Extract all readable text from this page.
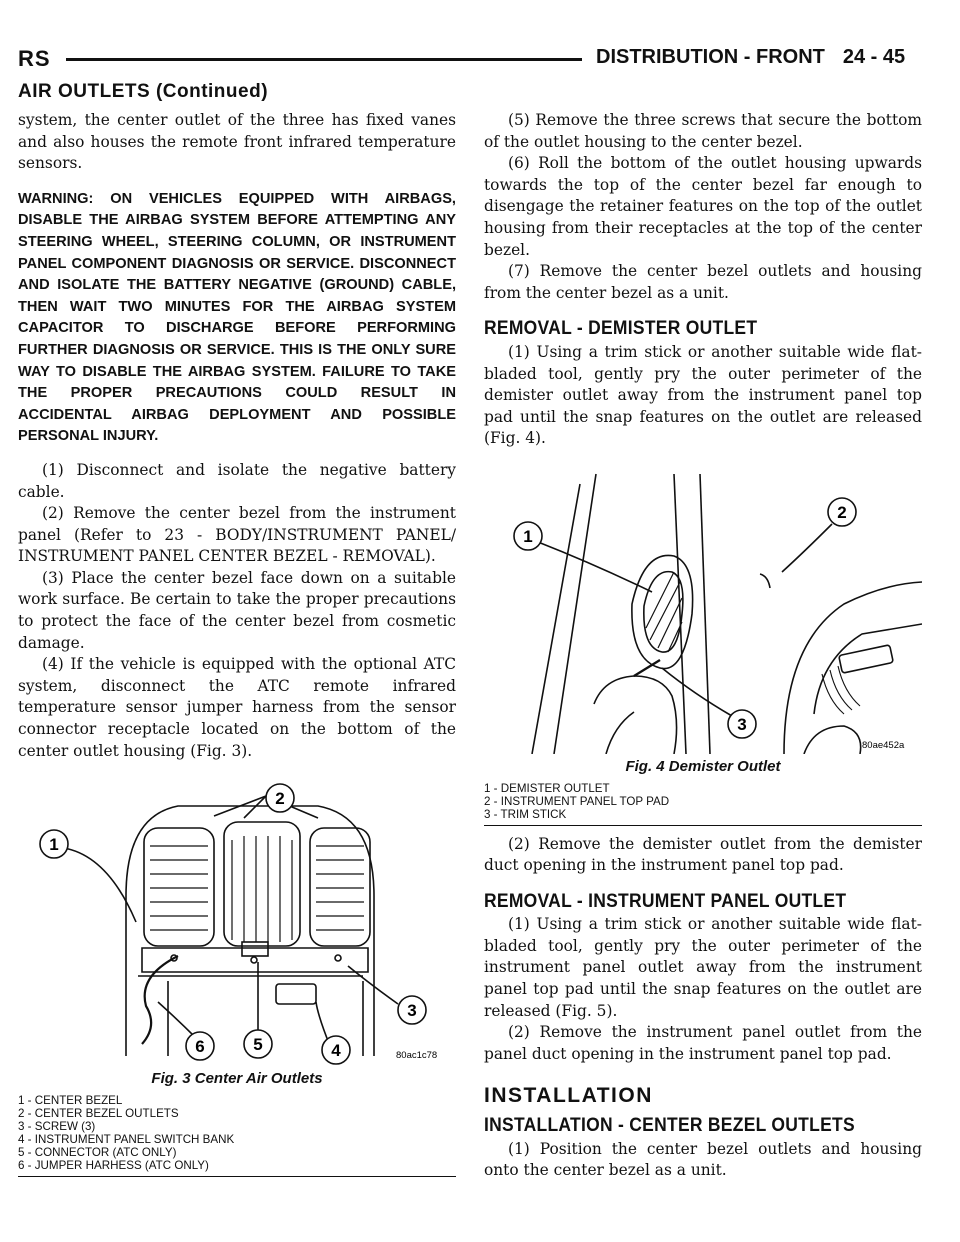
RS	DISTRIBUTION - FRONT 24 - 45
AIR OUTLETS (Continued)

system, the center outlet of the three has fixed vanes and also houses the remote front infrared temperature sensors.

WARNING: ON VEHICLES EQUIPPED WITH AIRBAGS, DISABLE THE AIRBAG SYSTEM BEFORE ATTEMPTING ANY STEERING WHEEL, STEERING COLUMN, OR INSTRUMENT PANEL COMPONENT DIAGNOSIS OR SERVICE. DISCONNECT AND ISOLATE THE BATTERY NEGATIVE (GROUND) CABLE, THEN WAIT TWO MINUTES FOR THE AIRBAG SYSTEM CAPACITOR TO DISCHARGE BEFORE PERFORMING FURTHER DIAGNOSIS OR SERVICE. THIS IS THE ONLY SURE WAY TO DISABLE THE AIRBAG SYSTEM. FAILURE TO TAKE THE PROPER PRECAUTIONS COULD RESULT IN ACCIDENTAL AIRBAG DEPLOYMENT AND POSSIBLE PERSONAL INJURY.

(1) Disconnect and isolate the negative battery cable.

(2) Remove the center bezel from the instrument panel (Refer to 23 - BODY/INSTRUMENT PANEL/ INSTRUMENT PANEL CENTER BEZEL - REMOVAL).

(3) Place the center bezel face down on a suitable work surface. Be certain to take the proper precautions to protect the face of the center bezel from cosmetic damage.

(4) If the vehicle is equipped with the optional ATC system, disconnect the ATC remote infrared temperature sensor jumper harness from the sensor connector receptacle located on the bottom of the center outlet housing (Fig. 3).

1
2
3
4
5
6	80ac1c78
Fig. 3 Center Air Outlets
1 - CENTER BEZEL
2 - CENTER BEZEL OUTLETS
3 - SCREW (3)
4 - INSTRUMENT PANEL SWITCH BANK
5 - CONNECTOR (ATC ONLY)
6 - JUMPER HARHESS (ATC ONLY)

(5) Remove the three screws that secure the bottom of the outlet housing to the center bezel.

(6) Roll the bottom of the outlet housing upwards towards the top of the center bezel far enough to disengage the retainer features on the top of the outlet housing from their receptacles at the top of the center bezel.

(7) Remove the center bezel outlets and housing from the center bezel as a unit.

REMOVAL - DEMISTER OUTLET

(1) Using a trim stick or another suitable wide flat-bladed tool, gently pry the outer perimeter of the demister outlet away from the instrument panel top pad until the snap features on the outlet are released (Fig. 4).

1
2
3
80ae452a
Fig. 4 Demister Outlet
1 - DEMISTER OUTLET
2 - INSTRUMENT PANEL TOP PAD
3 - TRIM STICK

(2) Remove the demister outlet from the demister duct opening in the instrument panel top pad.

REMOVAL - INSTRUMENT PANEL OUTLET

(1) Using a trim stick or another suitable wide flat-bladed tool, gently pry the outer perimeter of the instrument panel outlet away from the instrument panel top pad until the snap features on the outlet are released (Fig. 5).

(2) Remove the instrument panel outlet from the panel duct opening in the instrument panel top pad.

INSTALLATION
INSTALLATION - CENTER BEZEL OUTLETS

(1) Position the center bezel outlets and housing onto the center bezel as a unit.
